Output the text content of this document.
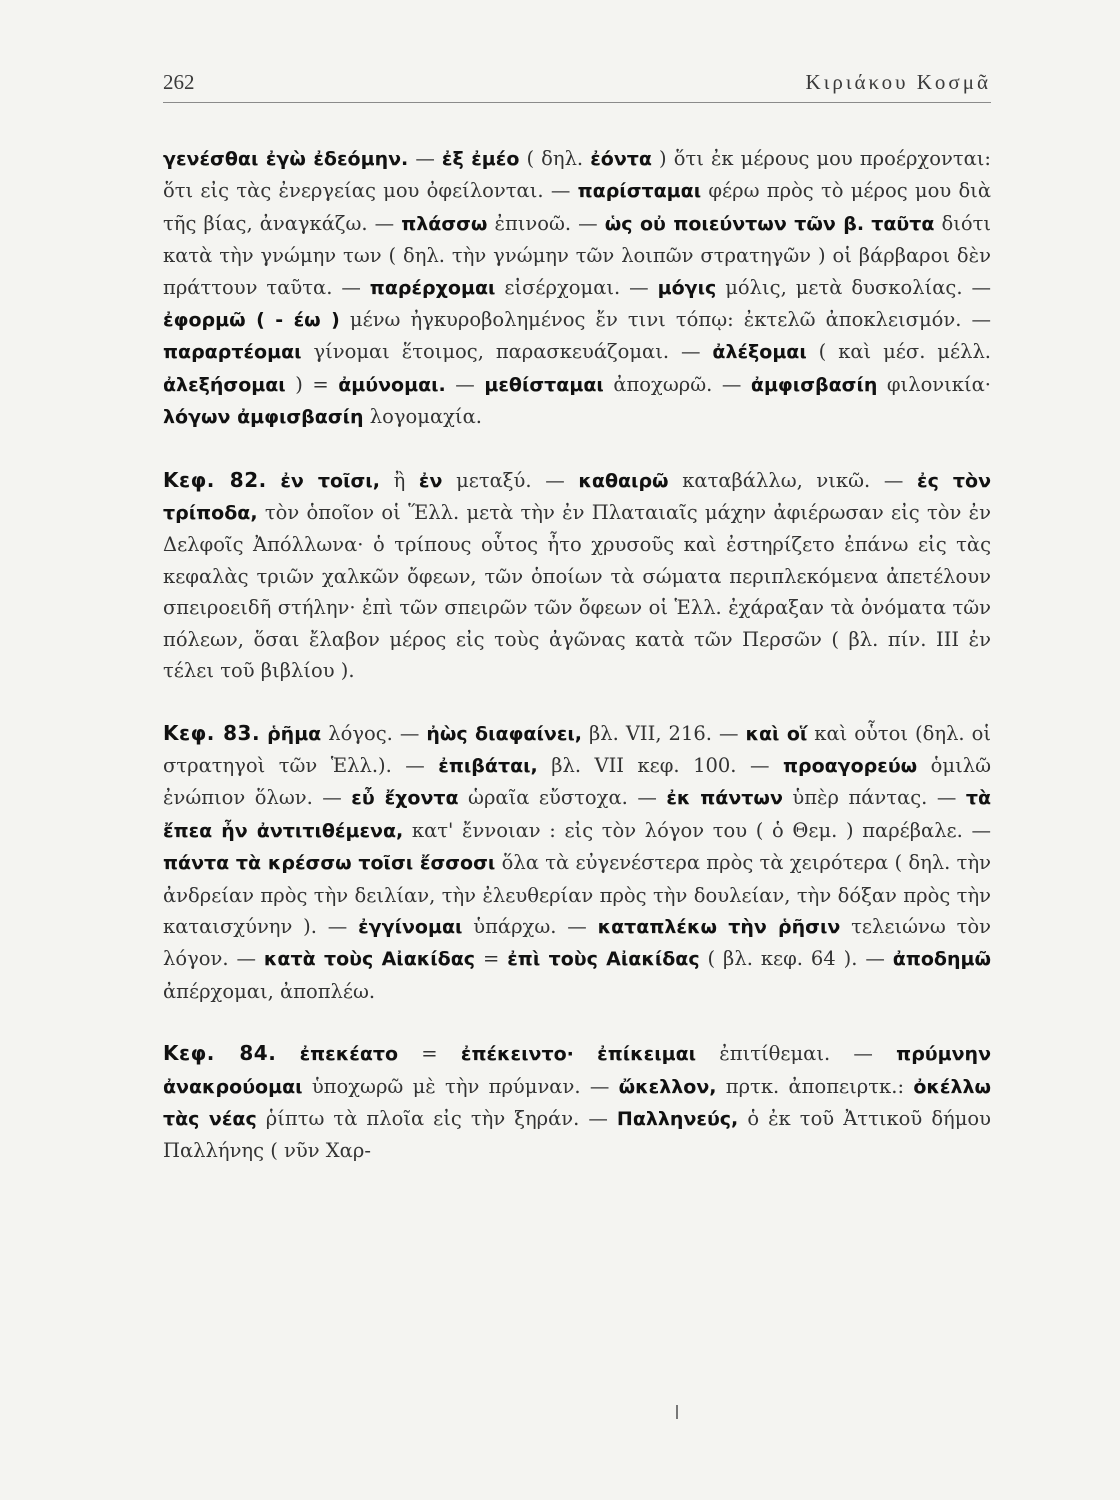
262	Κιριάκου Κοσμᾶ

γενέσθαι ἐγὼ ἐδεόμην. — ἐξ ἐμέο ( δηλ. ἐόντα ) ὅτι ἐκ μέρους μου προέρχονται: ὅτι εἰς τὰς ἐνεργείας μου ὀφείλονται. — παρίσταμαι φέρω πρὸς τὸ μέρος μου διὰ τῆς βίας, ἀναγκάζω. — πλάσσω ἐπινοῶ. — ὡς οὐ ποιεύντων τῶν β. ταῦτα διότι κατὰ τὴν γνώμην των ( δηλ. τὴν γνώμην τῶν λοιπῶν στρατηγῶν ) οἱ βάρβαροι δὲν πράττουν ταῦτα. — παρέρχομαι εἰσέρχομαι. — μόγις μόλις, μετὰ δυσκολίας. — ἐφορμῶ ( - έω ) μένω ἠγκυροβολημένος ἔν τινι τόπῳ: ἐκτελῶ ἀποκλεισμόν. — παραρτέομαι γίνομαι ἕτοιμος, παρασκευάζομαι. — ἀλέξομαι ( καὶ μέσ. μέλλ. ἀλεξήσομαι ) = ἀμύνομαι. — μεθίσταμαι ἀποχωρῶ. — ἀμφισβασίη φιλονικία· λόγων ἀμφισβασίη λογομαχία.

Κεφ. 82. ἐν τοῖσι, ἢ ἐν μεταξύ. — καθαιρῶ καταβάλλω, νικῶ. — ἐς τὸν τρίποδα, τὸν ὁποῖον οἱ Ἕλλ. μετὰ τὴν ἐν Πλαταιαῖς μάχην ἀφιέρωσαν εἰς τὸν ἐν Δελφοῖς Ἀπόλλωνα· ὁ τρίπους οὗτος ἦτο χρυσοῦς καὶ ἐστηρίζετο ἐπάνω εἰς τὰς κεφαλὰς τριῶν χαλκῶν ὄφεων, τῶν ὁποίων τὰ σώματα περιπλεκόμενα ἀπετέλουν σπειροειδῆ στήλην· ἐπὶ τῶν σπειρῶν τῶν ὄφεων οἱ Ἑλλ. ἐχάραξαν τὰ ὀνόματα τῶν πόλεων, ὅσαι ἔλαβον μέρος εἰς τοὺς ἀγῶνας κατὰ τῶν Περσῶν ( βλ. πίν. III ἐν τέλει τοῦ βιβλίου ).

Κεφ. 83. ῥῆμα λόγος. — ἠὼς διαφαίνει, βλ. VII, 216. — καὶ οἵ καὶ οὗτοι (δηλ. οἱ στρατηγοὶ τῶν Ἑλλ.). — ἐπιβάται, βλ. VII κεφ. 100. — προαγορεύω ὁμιλῶ ἐνώπιον ὅλων. — εὖ ἔχοντα ὡραῖα εὔστοχα. — ἐκ πάντων ὑπὲρ πάντας. — τὰ ἔπεα ἦν ἀντιτιθέμενα, κατ' ἔννοιαν : εἰς τὸν λόγον του ( ὁ Θεμ. ) παρέβαλε. — πάντα τὰ κρέσσω τοῖσι ἔσσοσι ὅλα τὰ εὐγενέστερα πρὸς τὰ χειρότερα ( δηλ. τὴν ἀνδρείαν πρὸς τὴν δειλίαν, τὴν ἐλευθερίαν πρὸς τὴν δουλείαν, τὴν δόξαν πρὸς τὴν καταισχύνην ). — ἐγγίνομαι ὑπάρχω. — καταπλέκω τὴν ῥῆσιν τελειώνω τὸν λόγον. — κατὰ τοὺς Αἰακίδας = ἐπὶ τοὺς Αἰακίδας ( βλ. κεφ. 64 ). — ἀποδημῶ ἀπέρχομαι, ἀποπλέω.

Κεφ. 84. ἐπεκέατο = ἐπέκειντο· ἐπίκειμαι ἐπιτίθεμαι. — πρύμνην ἀνακρούομαι ὑποχωρῶ μὲ τὴν πρύμναν. — ὤκελλον, πρτκ. ἀποπειρτκ.: ὀκέλλω τὰς νέας ῥίπτω τὰ πλοῖα εἰς τὴν ξηράν. — Παλληνεύς, ὁ ἐκ τοῦ Ἀττικοῦ δήμου Παλλήνης ( νῦν Χαρ-
